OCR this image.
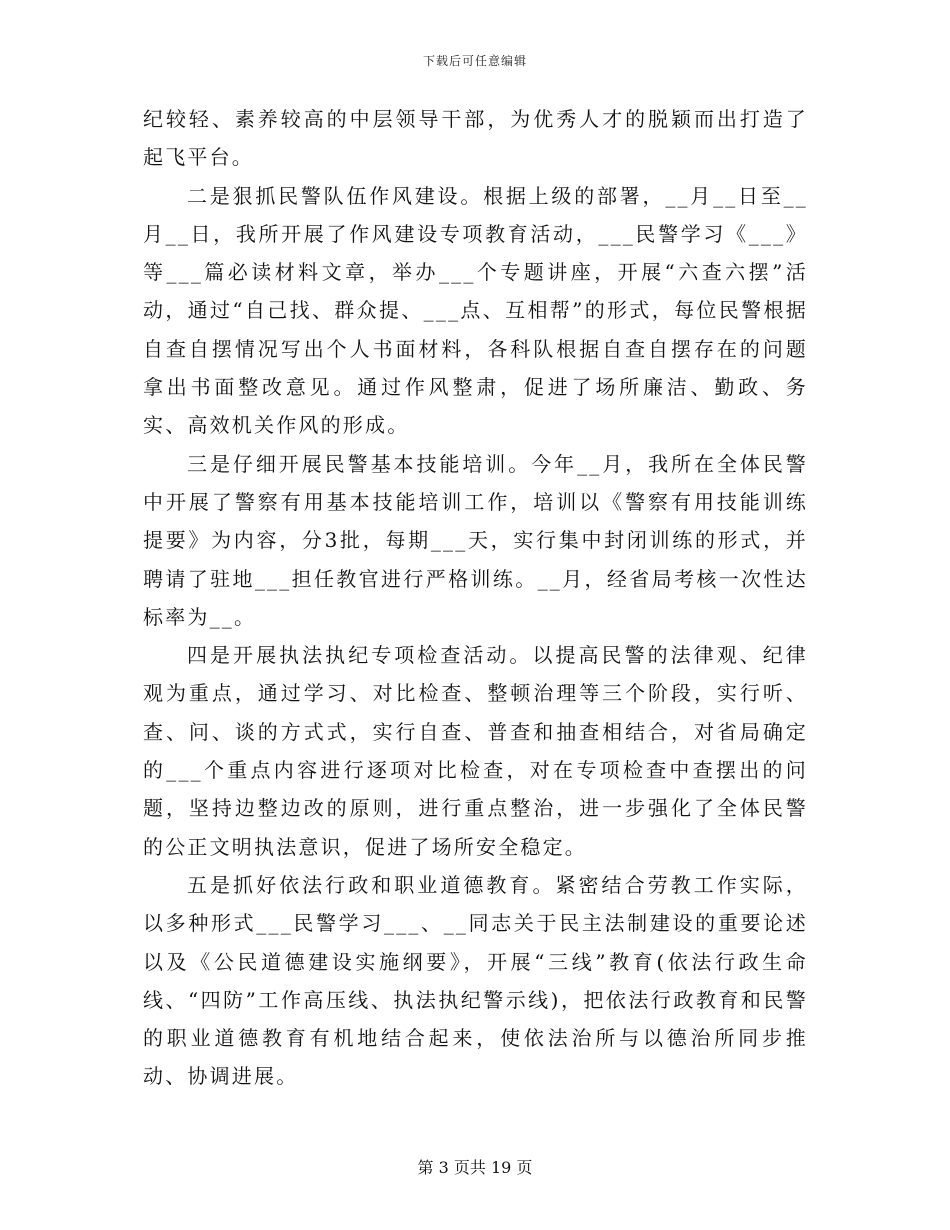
下载后可任意编辑

纪较轻、素养较高的中层领导干部，为优秀人才的脱颖而出打造了起飞平台。

二是狠抓民警队伍作风建设。根据上级的部署，__月__日至__月__日，我所开展了作风建设专项教育活动，___民警学习《___》等___篇必读材料文章，举办___个专题讲座，开展“六查六摆”活动，通过“自己找、群众提、___点、互相帮”的形式，每位民警根据自查自摆情况写出个人书面材料，各科队根据自查自摆存在的问题拿出书面整改意见。通过作风整肃，促进了场所廉洁、勤政、务实、高效机关作风的形成。

三是仔细开展民警基本技能培训。今年__月，我所在全体民警中开展了警察有用基本技能培训工作，培训以《警察有用技能训练提要》为内容，分3批，每期___天，实行集中封闭训练的形式，并聘请了驻地___担任教官进行严格训练。__月，经省局考核一次性达标率为__。

四是开展执法执纪专项检查活动。以提高民警的法律观、纪律观为重点，通过学习、对比检查、整顿治理等三个阶段，实行听、查、问、谈的方式式，实行自查、普查和抽查相结合，对省局确定的___个重点内容进行逐项对比检查，对在专项检查中查摆出的问题，坚持边整边改的原则，进行重点整治，进一步强化了全体民警的公正文明执法意识，促进了场所安全稳定。

五是抓好依法行政和职业道德教育。紧密结合劳教工作实际，以多种形式___民警学习___、__同志关于民主法制建设的重要论述以及《公民道德建设实施纲要》，开展“三线”教育(依法行政生命线、“四防”工作高压线、执法执纪警示线)，把依法行政教育和民警的职业道德教育有机地结合起来，使依法治所与以德治所同步推动、协调进展。

第 3 页共 19 页
